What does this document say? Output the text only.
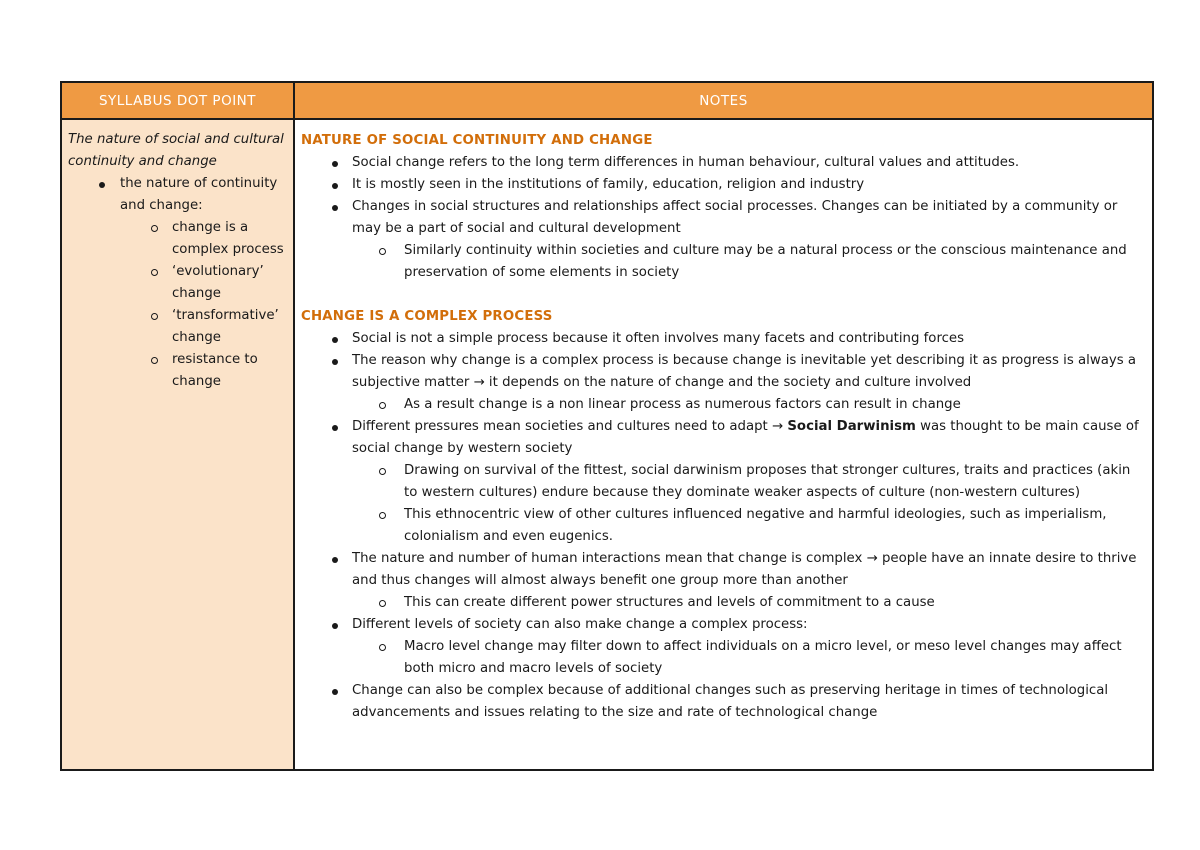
SYLLABUS DOT POINT	NOTES

The nature of social and cultural continuity and change

the nature of continuity and change:
change is a complex process
‘evolutionary’ change
‘transformative’ change
resistance to change

NATURE OF SOCIAL CONTINUITY AND CHANGE

Social change refers to the long term differences in human behaviour, cultural values and attitudes.
It is mostly seen in the institutions of family, education, religion and industry
Changes in social structures and relationships affect social processes. Changes can be initiated by a community or may be a part of social and cultural development
Similarly continuity within societies and culture may be a natural process or the conscious maintenance and preservation of some elements in society

CHANGE IS A COMPLEX PROCESS

Social is not a simple process because it often involves many facets and contributing forces
The reason why change is a complex process is because change is inevitable yet describing it as progress is always a subjective matter → it depends on the nature of change and the society and culture involved
As a result change is a non linear process as numerous factors can result in change
Different pressures mean societies and cultures need to adapt → Social Darwinism was thought to be main cause of social change by western society
Drawing on survival of the fittest, social darwinism proposes that stronger cultures, traits and practices (akin to western cultures) endure because they dominate weaker aspects of culture (non-western cultures)
This ethnocentric view of other cultures influenced negative and harmful ideologies, such as imperialism, colonialism and even eugenics.
The nature and number of human interactions mean that change is complex → people have an innate desire to thrive and thus changes will almost always benefit one group more than another
This can create different power structures and levels of commitment to a cause
Different levels of society can also make change a complex process:
Macro level change may filter down to affect individuals on a micro level, or meso level changes may affect both micro and macro levels of society
Change can also be complex because of additional changes such as preserving heritage in times of technological advancements and issues relating to the size and rate of technological change
